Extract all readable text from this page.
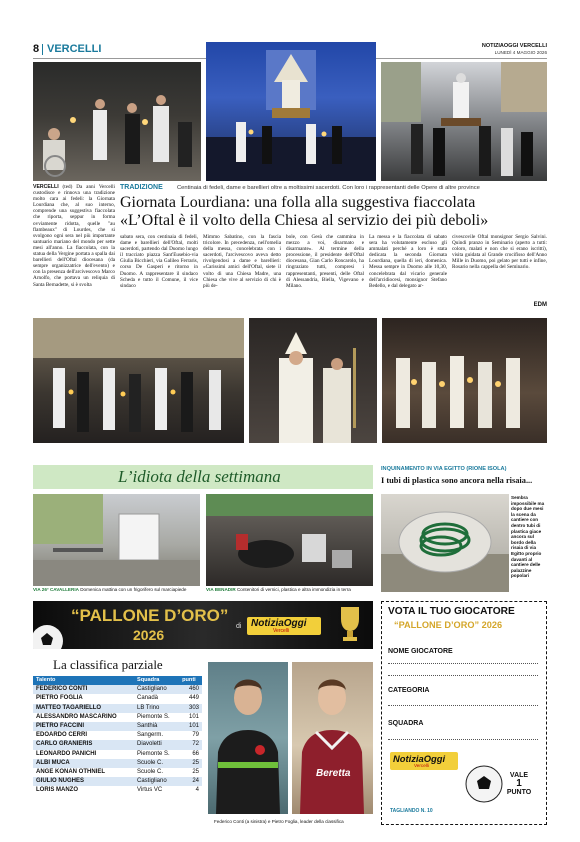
8 VERCELLI	NOTIZIAOGGI VERCELLI
LUNEDÌ 4 MAGGIO 2026
TRADIZIONE Centinaia di fedeli, dame e barellieri oltre a moltissimi sacerdoti. Con loro i rappresentanti delle Opere di altre province
Giornata Lourdiana: una folla alla suggestiva fiaccolata
«L’Oftal è il volto della Chiesa al servizio dei più deboli»
VERCELLI (ted) Da anni Vercelli custodisce e rinnova una tradizione molto cara ai fedeli: la Giornata Lourdiana che, al suo interno, comprende una suggestiva fiaccolata che riporta, seppur in forma ovviamente ridotta, quelle "au flambeaux" di Lourdes, che si svolgono ogni sera nel più importante santuario mariano del mondo per sette mesi all'anno. La fiaccolata, con la statua della Vergine portata a spalla dai barellieri dell'Oftal diocesana (da sempre organizzatrice dell'evento) e con la presenza dell'arcivescovo Marco Arnolfo, che portava un reliquia di Santa Bernadette, si è svolta
sabato sera, con centinaia di fedeli, dame e barellieri dell'Oftal, molti sacerdoti, partendo dal Duomo lungo il tracciato piazza Sant'Eusebio-via Giulia Bicchieri, via Galileo Ferraris, corso De Gasperi e ritorno in Duomo. A rappresentare il sindaco Scheda e tutto il Comune, il vice sindaco
Mimmo Sabatino, con la fascia tricolore. In precedenza, nell'omelia della messa, concelebrata con i sacerdoti, l'arcivescovo aveva detto rivolgendosi a dame e barellieri: «Carissimi amici dell'Oftal, siete il volto di una Chiesa Madre, una Chiesa che vive al servizio di chi è più de-
bole, con Gesù che cammina in mezzo a voi, disarmato e disarmante». Al termine della processione, il presidente dell'Oftal diocesana, Gian Carlo Roncarolo, ha ringraziato tutti, compresi i rappresentanti, presenti, delle Oftal di Alessandria, Biella, Vigevano e Milano.
La messa e la fiaccolata di sabato sera ha volutamente escluso gli ammalati perché a loro è stata dedicata la seconda Giornata Lourdiana, quella di ieri, domenica. Messa sempre in Duomo alle 10,30, concelebrata dal vicario generale dell'arcidiocesi, monsignor Stefano Bedello, e dal delegato ar-
civescovile Oftal monsignor Sergio Salvini. Quindi pranzo in Seminario (aperto a tutti: coloro, malati e non che si erano iscritti), visita guidata al Grande crocifisso dell'Anno Mille in Duomo, poi gelato per tutti e infine, Rosario nella cappella del Seminario.
EDM
L’idiota della settimana
VIA 26° CAVALLERIA Domenica mattina con un frigorifero sul marciapiede	VIA BENADIR Contenitori di vernici, plastica e altra immondizia in terra
INQUINAMENTO IN VIA EGITTO (RIONE ISOLA)
I tubi di plastica sono ancora nella risaia...
Sembra impossibile ma dopo due mesi la scena da cantiere con dentro tubi di plastica giace ancora sul bordo della risaia di via Egitto proprio davanti al cantiere delle palazzine popolari
“PALLONE D’ORO”
2026
di NotiziaOggi
Vercelli
La classifica parziale
Talento	Squadra	punti
FEDERICO CONTI	Castigliano	460
PIETRO FOGLIA	Canadà	449
MATTEO TAGARIELLO	LB Trino	303
ALESSANDRO MASCARINO	Piemonte S.	101
PIETRO FACCINI	Santhià	101
EDOARDO CERRI	Sangerm.	79
CARLO GRANIERIS	Diavoletti	72
LEONARDO PANICHI	Piemonte S.	66
ALBI MUCA	Scuole C.	25
ANGE KONAN OTHNIEL	Scuole C.	25
GIULIO NUGHES	Castigliano	24
LORIS MANZO	Virtus VC	4
Beretta
Federico Conti (a sinistra) e Pietro Foglia, leader della classifica
VOTA IL TUO GIOCATORE
“PALLONE D’ORO” 2026
NOME GIOCATORE
CATEGORIA
SQUADRA
NotiziaOggi
Vercelli
VALE
1
PUNTO
TAGLIANDO N. 10
